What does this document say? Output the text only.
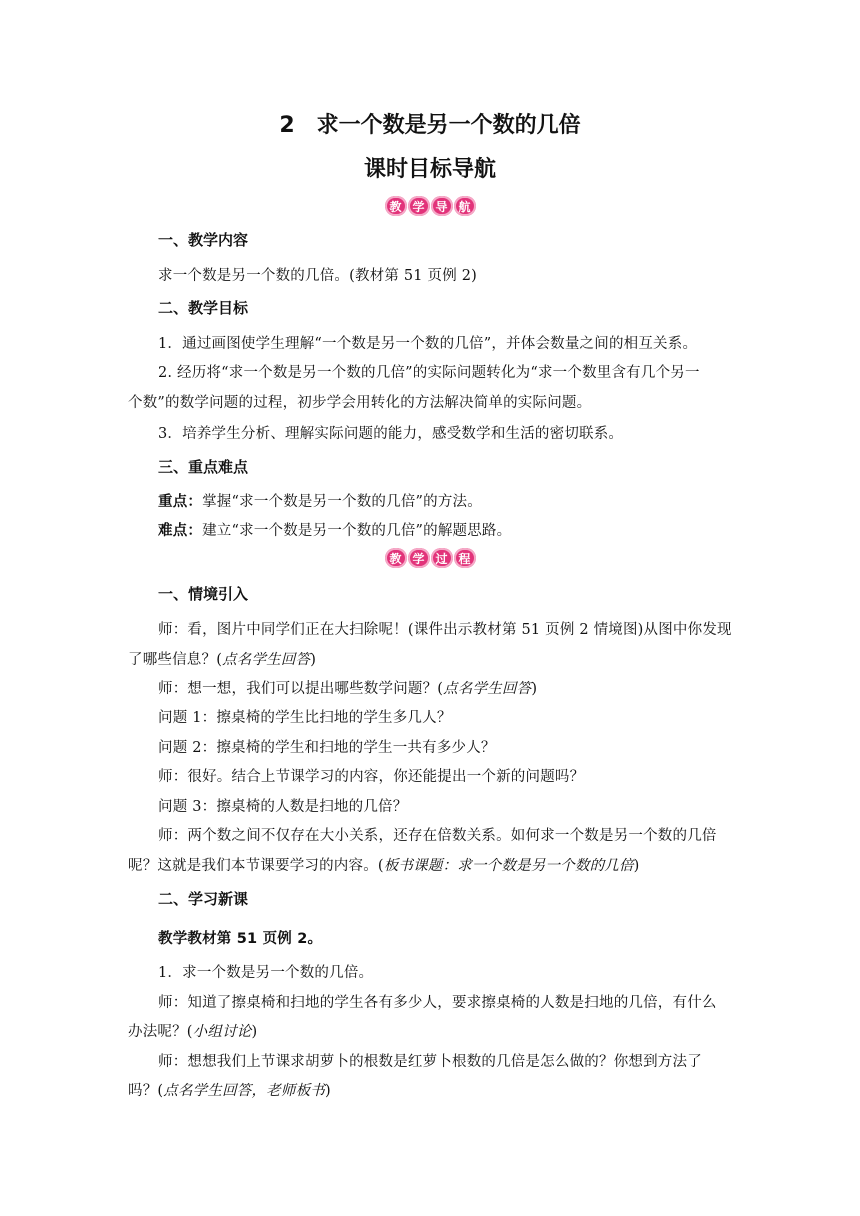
2　求一个数是另一个数的几倍
课时目标导航
教 学 导 航
一、教学内容
求一个数是另一个数的几倍。(教材第 51 页例 2)
二、教学目标
1．通过画图使学生理解“一个数是另一个数的几倍”，并体会数量之间的相互关系。
2. 经历将“求一个数是另一个数的几倍”的实际问题转化为“求一个数里含有几个另一
个数”的数学问题的过程，初步学会用转化的方法解决简单的实际问题。
3．培养学生分析、理解实际问题的能力，感受数学和生活的密切联系。
三、重点难点
重点：掌握“求一个数是另一个数的几倍”的方法。
难点：建立“求一个数是另一个数的几倍”的解题思路。
教 学 过 程
一、情境引入
师：看，图片中同学们正在大扫除呢！(课件出示教材第 51 页例 2 情境图)从图中你发现
了哪些信息？(点名学生回答)
师：想一想，我们可以提出哪些数学问题？(点名学生回答)
问题 1：擦桌椅的学生比扫地的学生多几人？
问题 2：擦桌椅的学生和扫地的学生一共有多少人？
师：很好。结合上节课学习的内容，你还能提出一个新的问题吗？
问题 3：擦桌椅的人数是扫地的几倍？
师：两个数之间不仅存在大小关系，还存在倍数关系。如何求一个数是另一个数的几倍
呢？这就是我们本节课要学习的内容。(板书课题：求一个数是另一个数的几倍)
二、学习新课
教学教材第 51 页例 2。
1．求一个数是另一个数的几倍。
师：知道了擦桌椅和扫地的学生各有多少人，要求擦桌椅的人数是扫地的几倍，有什么
办法呢？(小组讨论)
师：想想我们上节课求胡萝卜的根数是红萝卜根数的几倍是怎么做的？你想到方法了
吗？(点名学生回答，老师板书)
